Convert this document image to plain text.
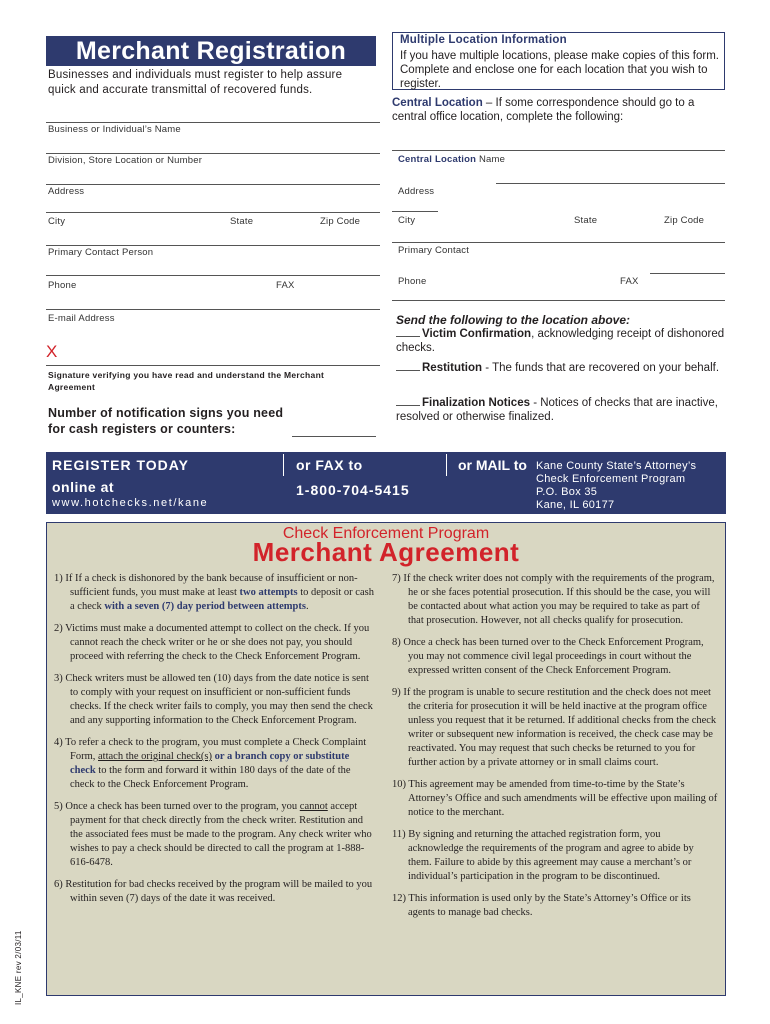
Merchant Registration
Businesses and individuals must register to help assure quick and accurate transmittal of recovered funds.
Business or Individual’s Name
Division, Store Location or Number
Address
City	State	Zip Code
Primary Contact Person
Phone	FAX
E-mail Address
X
Signature verifying you have read and understand the Merchant Agreement
Number of notification signs you need for cash registers or counters:
Multiple Location Information
If you have multiple locations, please make copies of this form. Complete and enclose one for each location that you wish to register.
Central Location – If some correspondence should go to a central office location, complete the following:
Central Location Name
Address
City	State	Zip Code
Primary Contact
Phone	FAX
Send the following to the location above:
Victim Confirmation, acknowledging receipt of dishonored checks.
Restitution - The funds that are recovered on your behalf.
Finalization Notices - Notices of checks that are inactive, resolved or otherwise finalized.
REGISTER TODAY
online at
www.hotchecks.net/kane
or FAX to
1-800-704-5415
or MAIL to Kane County State’s Attorney’s
Check Enforcement Program
P.O. Box 35
Kane, IL 60177
Check Enforcement Program
Merchant Agreement

1) If If a check is dishonored by the bank because of insufficient or non-sufficient funds, you must make at least two attempts to deposit or cash a check with a seven (7) day period between attempts.

2) Victims must make a documented attempt to collect on the check. If you cannot reach the check writer or he or she does not pay, you should proceed with referring the check to the Check Enforcement Program.

3) Check writers must be allowed ten (10) days from the date notice is sent to comply with your request on insufficient or non-sufficient funds checks. If the check writer fails to comply, you may then send the check and any supporting information to the Check Enforcement Program.

4) To refer a check to the program, you must complete a Check Complaint Form, attach the original check(s) or a branch copy or substitute check to the form and forward it within 180 days of the date of the check to the Check Enforcement Program.

5) Once a check has been turned over to the program, you cannot accept payment for that check directly from the check writer. Restitution and the associated fees must be made to the program. Any check writer who wishes to pay a check should be directed to call the program at 1-888-616-6478.

6) Restitution for bad checks received by the program will be mailed to you within seven (7) days of the date it was received.

7) If the check writer does not comply with the requirements of the program, he or she faces potential prosecution. If this should be the case, you will be contacted about what action you may be required to take as part of that prosecution. However, not all checks qualify for prosecution.

8) Once a check has been turned over to the Check Enforcement Program, you may not commence civil legal proceedings in court without the expressed written consent of the Check Enforcement Program.

9) If the program is unable to secure restitution and the check does not meet the criteria for prosecution it will be held inactive at the program office unless you request that it be returned. If additional checks from the check writer or subsequent new information is received, the check case may be reactivated. You may request that such checks be returned to you for further action by a private attorney or in small claims court.

10) This agreement may be amended from time-to-time by the State’s Attorney’s Office and such amendments will be effective upon mailing of notice to the merchant.

11) By signing and returning the attached registration form, you acknowledge the requirements of the program and agree to abide by them. Failure to abide by this agreement may cause a merchant’s or individual’s participation in the program to be discontinued.

12) This information is used only by the State’s Attorney’s Office or its agents to manage bad checks.

IL_KNE rev 2/03/11
